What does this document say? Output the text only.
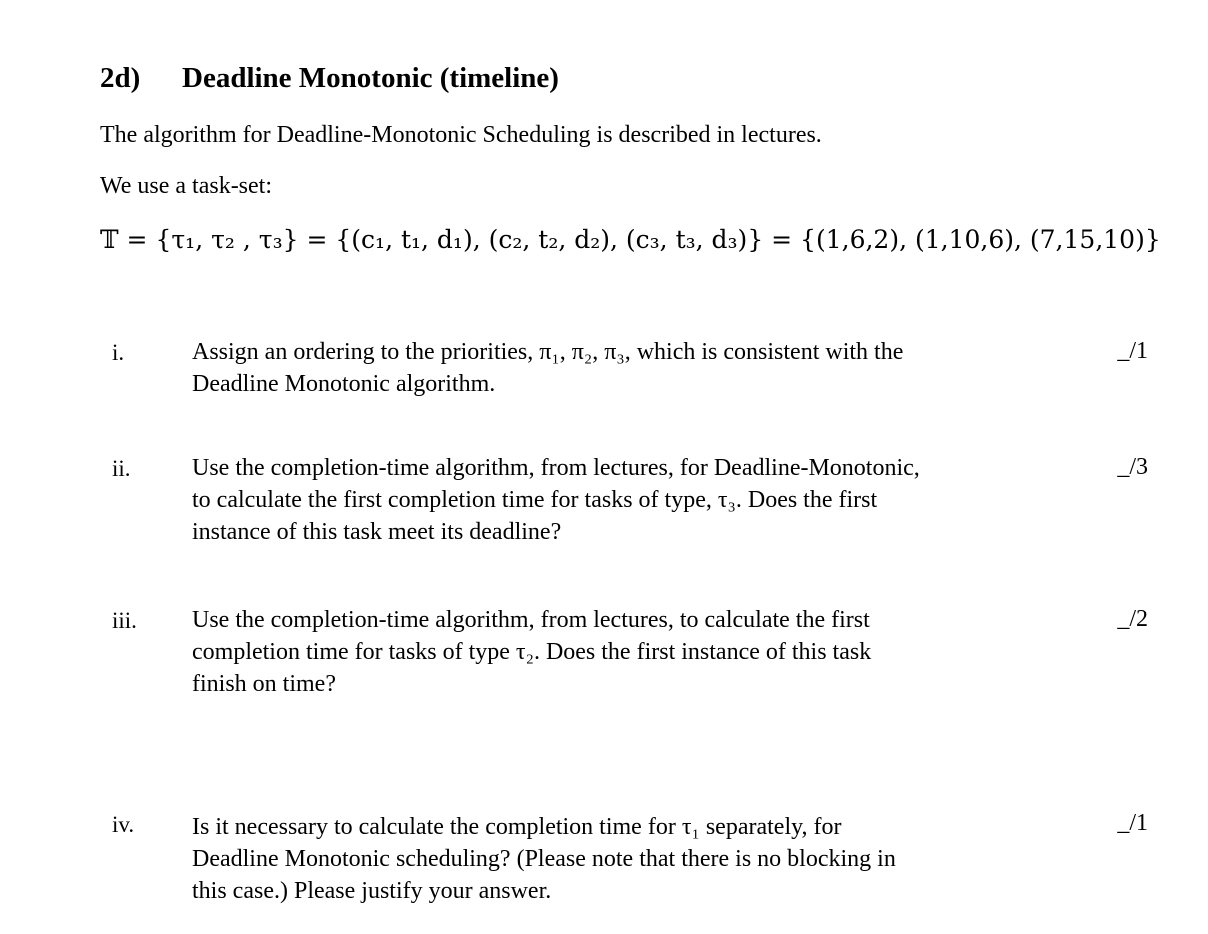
2d) Deadline Monotonic (timeline)
The algorithm for Deadline-Monotonic Scheduling is described in lectures.
We use a task-set:
𝕋 = {τ₁, τ₂ , τ₃} = {(c₁, t₁, d₁), (c₂, t₂, d₂), (c₃, t₃, d₃)} = {(1,6,2), (1,10,6), (7,15,10)}
i.	Assign an ordering to the priorities, π₁, π₂, π₃, which is consistent with the
Deadline Monotonic algorithm.
_/1
ii.	Use the completion-time algorithm, from lectures, for Deadline-Monotonic,
to calculate the first completion time for tasks of type, τ₃. Does the first
instance of this task meet its deadline?
_/3
iii. Use the completion-time algorithm, from lectures, to calculate the first
completion time for tasks of type τ₂. Does the first instance of this task
finish on time?
_/2
iv. Is it necessary to calculate the completion time for τ₁ separately, for
Deadline Monotonic scheduling? (Please note that there is no blocking in
this case.) Please justify your answer.
_/1
